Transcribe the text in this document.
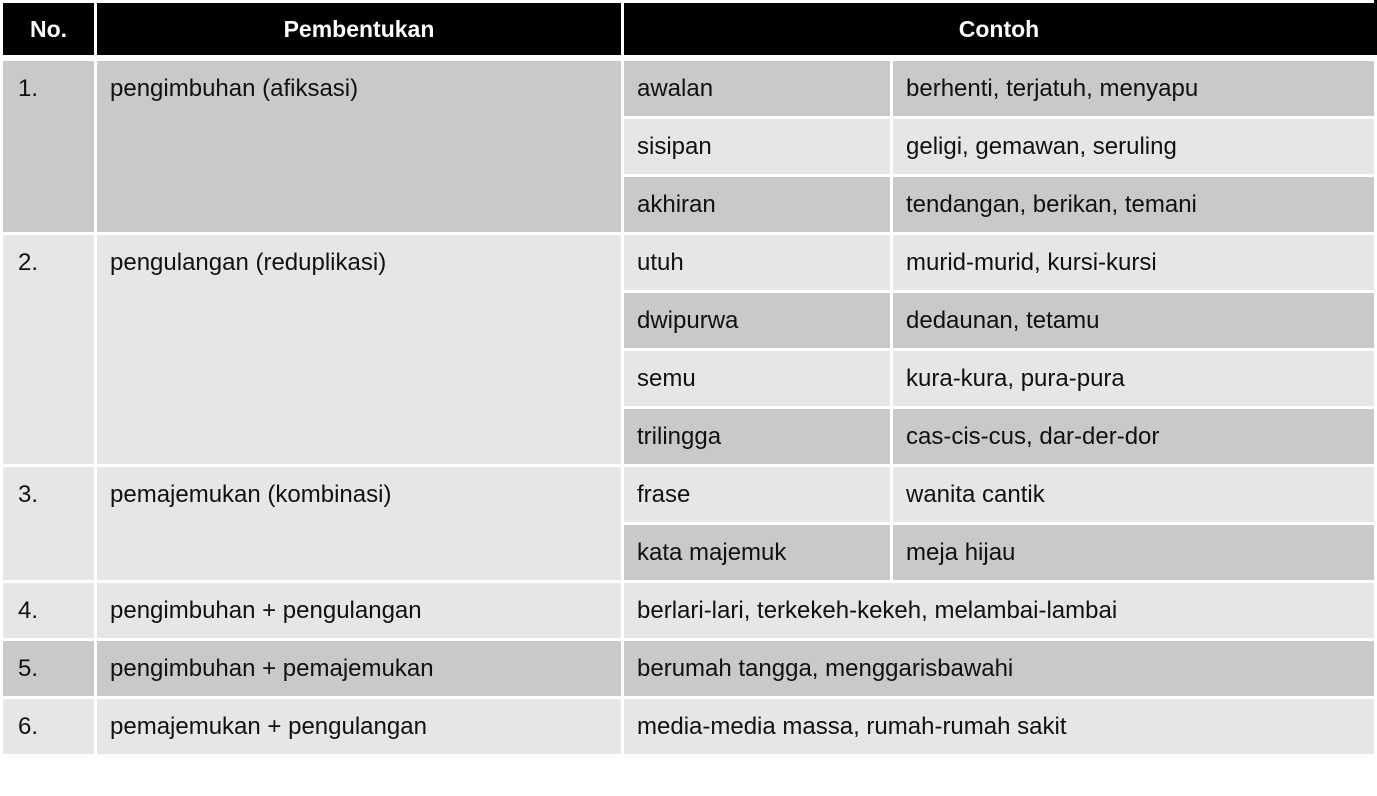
No.	Pembentukan	Contoh	
1.	pengimbuhan (afiksasi)	awalan	berhenti, terjatuh, menyapu
		sisipan	geligi, gemawan, seruling
		akhiran	tendangan, berikan, temani
2.	pengulangan (reduplikasi)	utuh	murid-murid, kursi-kursi
		dwipurwa	dedaunan, tetamu
		semu	kura-kura, pura-pura
		trilingga	cas-cis-cus, dar-der-dor
3.	pemajemukan (kombinasi)	frase	wanita cantik
		kata majemuk	meja hijau
4.	pengimbuhan + pengulangan	berlari-lari, terkekeh-kekeh, melambai-lambai	
5.	pengimbuhan + pemajemukan	berumah tangga, menggarisbawahi	
6.	pemajemukan + pengulangan	media-media massa, rumah-rumah sakit	
